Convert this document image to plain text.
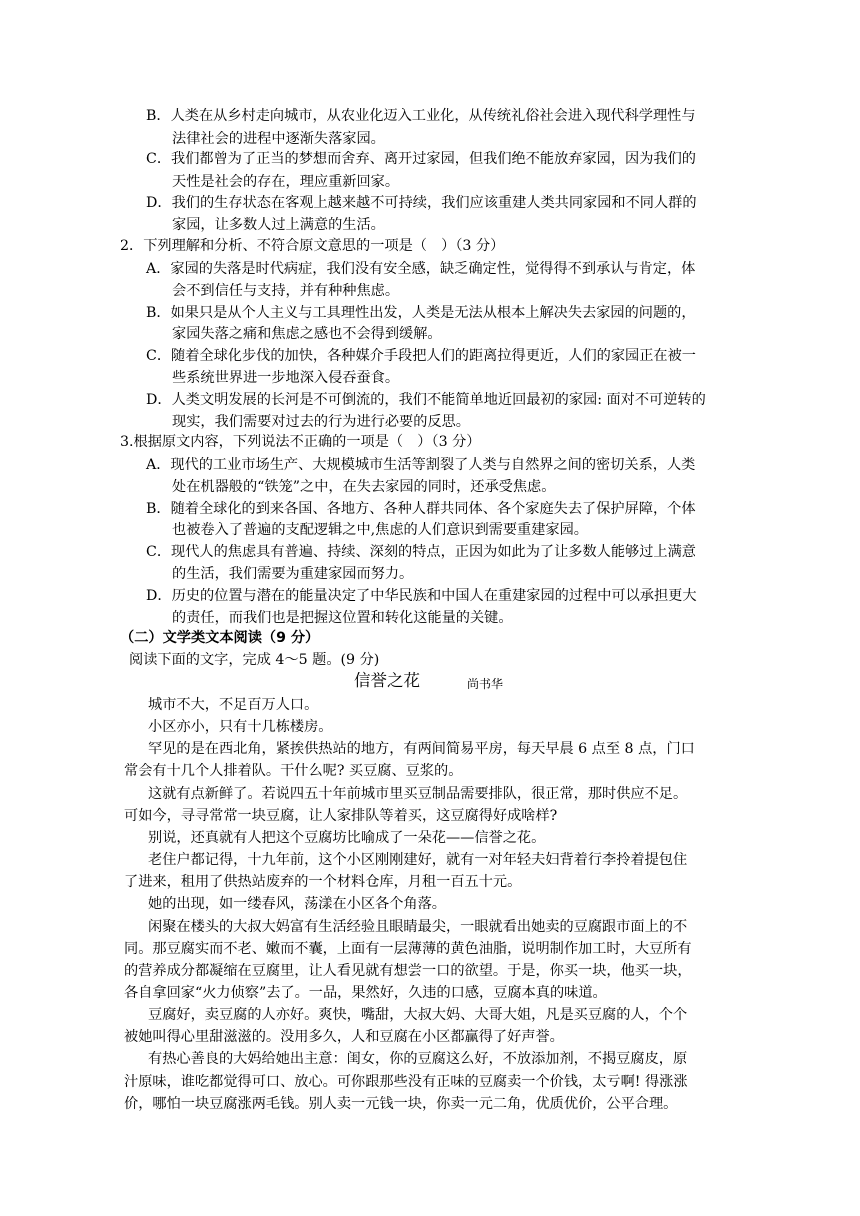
B．人类在从乡村走向城市，从农业化迈入工业化，从传统礼俗社会进入现代科学理性与
法律社会的进程中逐渐失落家园。
C．我们都曾为了正当的梦想而舍弃、离开过家园，但我们绝不能放弃家园，因为我们的
天性是社会的存在，理应重新回家。
D．我们的生存状态在客观上越来越不可持续，我们应该重建人类共同家园和不同人群的
家园，让多数人过上满意的生活。
2．下列理解和分析、不符合原文意思的一项是（　）（3 分）
A．家园的失落是时代病症，我们没有安全感，缺乏确定性，觉得得不到承认与肯定，体
会不到信任与支持，并有种种焦虑。
B．如果只是从个人主义与工具理性出发，人类是无法从根本上解决失去家园的问题的，
家园失落之痛和焦虑之感也不会得到缓解。
C．随着全球化步伐的加快，各种媒介手段把人们的距离拉得更近，人们的家园正在被一
些系统世界进一步地深入侵吞蚕食。
D．人类文明发展的长河是不可倒流的，我们不能简单地近回最初的家园: 面对不可逆转的
现实，我们需要对过去的行为进行必要的反思。
3.根据原文内容，下列说法不正确的一项是（　）（3 分）
A．现代的工业市场生产、大规模城市生活等割裂了人类与自然界之间的密切关系，人类
处在机器般的“铁笼”之中，在失去家园的同时，还承受焦虑。
B．随着全球化的到来各国、各地方、各种人群共同体、各个家庭失去了保护屏障，个体
也被卷入了普遍的支配逻辑之中,焦虑的人们意识到需要重建家园。
C．现代人的焦虑具有普遍、持续、深刻的特点，正因为如此为了让多数人能够过上满意
的生活，我们需要为重建家园而努力。
D．历史的位置与潜在的能量决定了中华民族和中国人在重建家园的过程中可以承担更大
的责任，而我们也是把握这位置和转化这能量的关键。
（二）文学类文本阅读（9 分）
阅读下面的文字，完成 4～5 题。(9 分)
信誉之花	尚书华
城市不大，不足百万人口。
小区亦小，只有十几栋楼房。
罕见的是在西北角，紧挨供热站的地方，有两间简易平房，每天早晨 6 点至 8 点，门口
常会有十几个人排着队。干什么呢? 买豆腐、豆浆的。
这就有点新鲜了。若说四五十年前城市里买豆制品需要排队，很正常，那时供应不足。
可如今，寻寻常常一块豆腐，让人家排队等着买，这豆腐得好成啥样?
别说，还真就有人把这个豆腐坊比喻成了一朵花——信誉之花。
老住户都记得，十九年前，这个小区刚刚建好，就有一对年轻夫妇背着行李拎着提包住
了进来，租用了供热站废弃的一个材料仓库，月租一百五十元。
她的出现，如一缕春风，荡漾在小区各个角落。
闲聚在楼头的大叔大妈富有生活经验且眼睛最尖，一眼就看出她卖的豆腐跟市面上的不
同。那豆腐实而不老、嫩而不囊，上面有一层薄薄的黄色油脂，说明制作加工时，大豆所有
的营养成分都凝缩在豆腐里，让人看见就有想尝一口的欲望。于是，你买一块，他买一块，
各自拿回家“火力侦察”去了。一品，果然好，久违的口感，豆腐本真的味道。
豆腐好，卖豆腐的人亦好。爽快，嘴甜，大叔大妈、大哥大姐，凡是买豆腐的人，个个
被她叫得心里甜滋滋的。没用多久，人和豆腐在小区都赢得了好声誉。
有热心善良的大妈给她出主意：闺女，你的豆腐这么好，不放添加剂，不揭豆腐皮，原
汁原味，谁吃都觉得可口、放心。可你跟那些没有正味的豆腐卖一个价钱，太亏啊! 得涨涨
价，哪怕一块豆腐涨两毛钱。别人卖一元钱一块，你卖一元二角，优质优价，公平合理。
